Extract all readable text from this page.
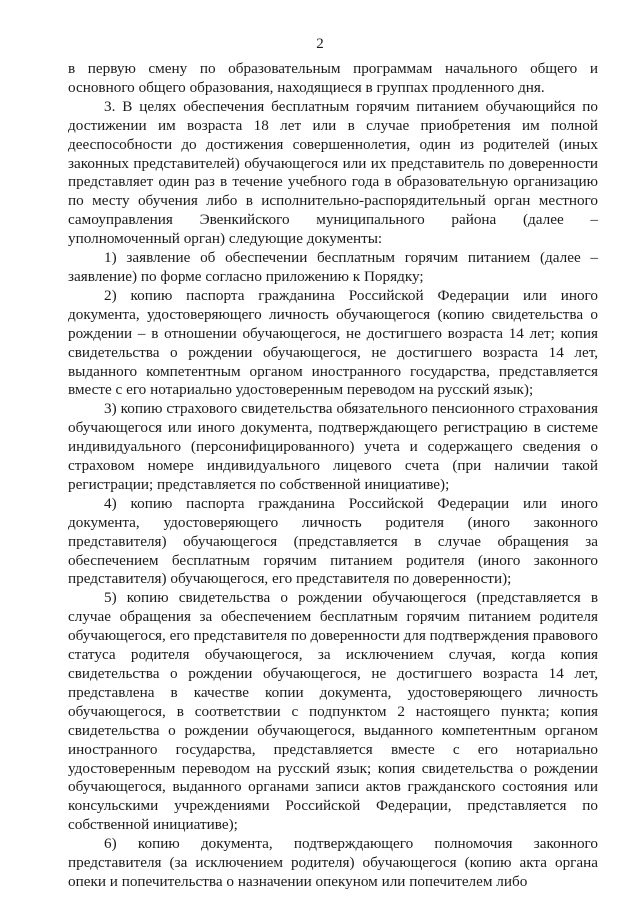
2

в первую смену по образовательным программам начального общего и основного общего образования, находящиеся в группах продленного дня.

3. В целях обеспечения бесплатным горячим питанием обучающийся по достижении им возраста 18 лет или в случае приобретения им полной дееспособности до достижения совершеннолетия, один из родителей (иных законных представителей) обучающегося или их представитель по доверенности представляет один раз в течение учебного года в образовательную организацию по месту обучения либо в исполнительно-распорядительный орган местного самоуправления Эвенкийского муниципального района (далее – уполномоченный орган) следующие документы:

1) заявление об обеспечении бесплатным горячим питанием (далее – заявление) по форме согласно приложению к Порядку;

2) копию паспорта гражданина Российской Федерации или иного документа, удостоверяющего личность обучающегося (копию свидетельства о рождении – в отношении обучающегося, не достигшего возраста 14 лет; копия свидетельства о рождении обучающегося, не достигшего возраста 14 лет, выданного компетентным органом иностранного государства, представляется вместе с его нотариально удостоверенным переводом на русский язык);

3) копию страхового свидетельства обязательного пенсионного страхования обучающегося или иного документа, подтверждающего регистрацию в системе индивидуального (персонифицированного) учета и содержащего сведения о страховом номере индивидуального лицевого счета (при наличии такой регистрации; представляется по собственной инициативе);

4) копию паспорта гражданина Российской Федерации или иного документа, удостоверяющего личность родителя (иного законного представителя) обучающегося (представляется в случае обращения за обеспечением бесплатным горячим питанием родителя (иного законного представителя) обучающегося, его представителя по доверенности);

5) копию свидетельства о рождении обучающегося (представляется в случае обращения за обеспечением бесплатным горячим питанием родителя обучающегося, его представителя по доверенности для подтверждения правового статуса родителя обучающегося, за исключением случая, когда копия свидетельства о рождении обучающегося, не достигшего возраста 14 лет, представлена в качестве копии документа, удостоверяющего личность обучающегося, в соответствии с подпунктом 2 настоящего пункта; копия свидетельства о рождении обучающегося, выданного компетентным органом иностранного государства, представляется вместе с его нотариально удостоверенным переводом на русский язык; копия свидетельства о рождении обучающегося, выданного органами записи актов гражданского состояния или консульскими учреждениями Российской Федерации, представляется по собственной инициативе);

6) копию документа, подтверждающего полномочия законного представителя (за исключением родителя) обучающегося (копию акта органа опеки и попечительства о назначении опекуном или попечителем либо
